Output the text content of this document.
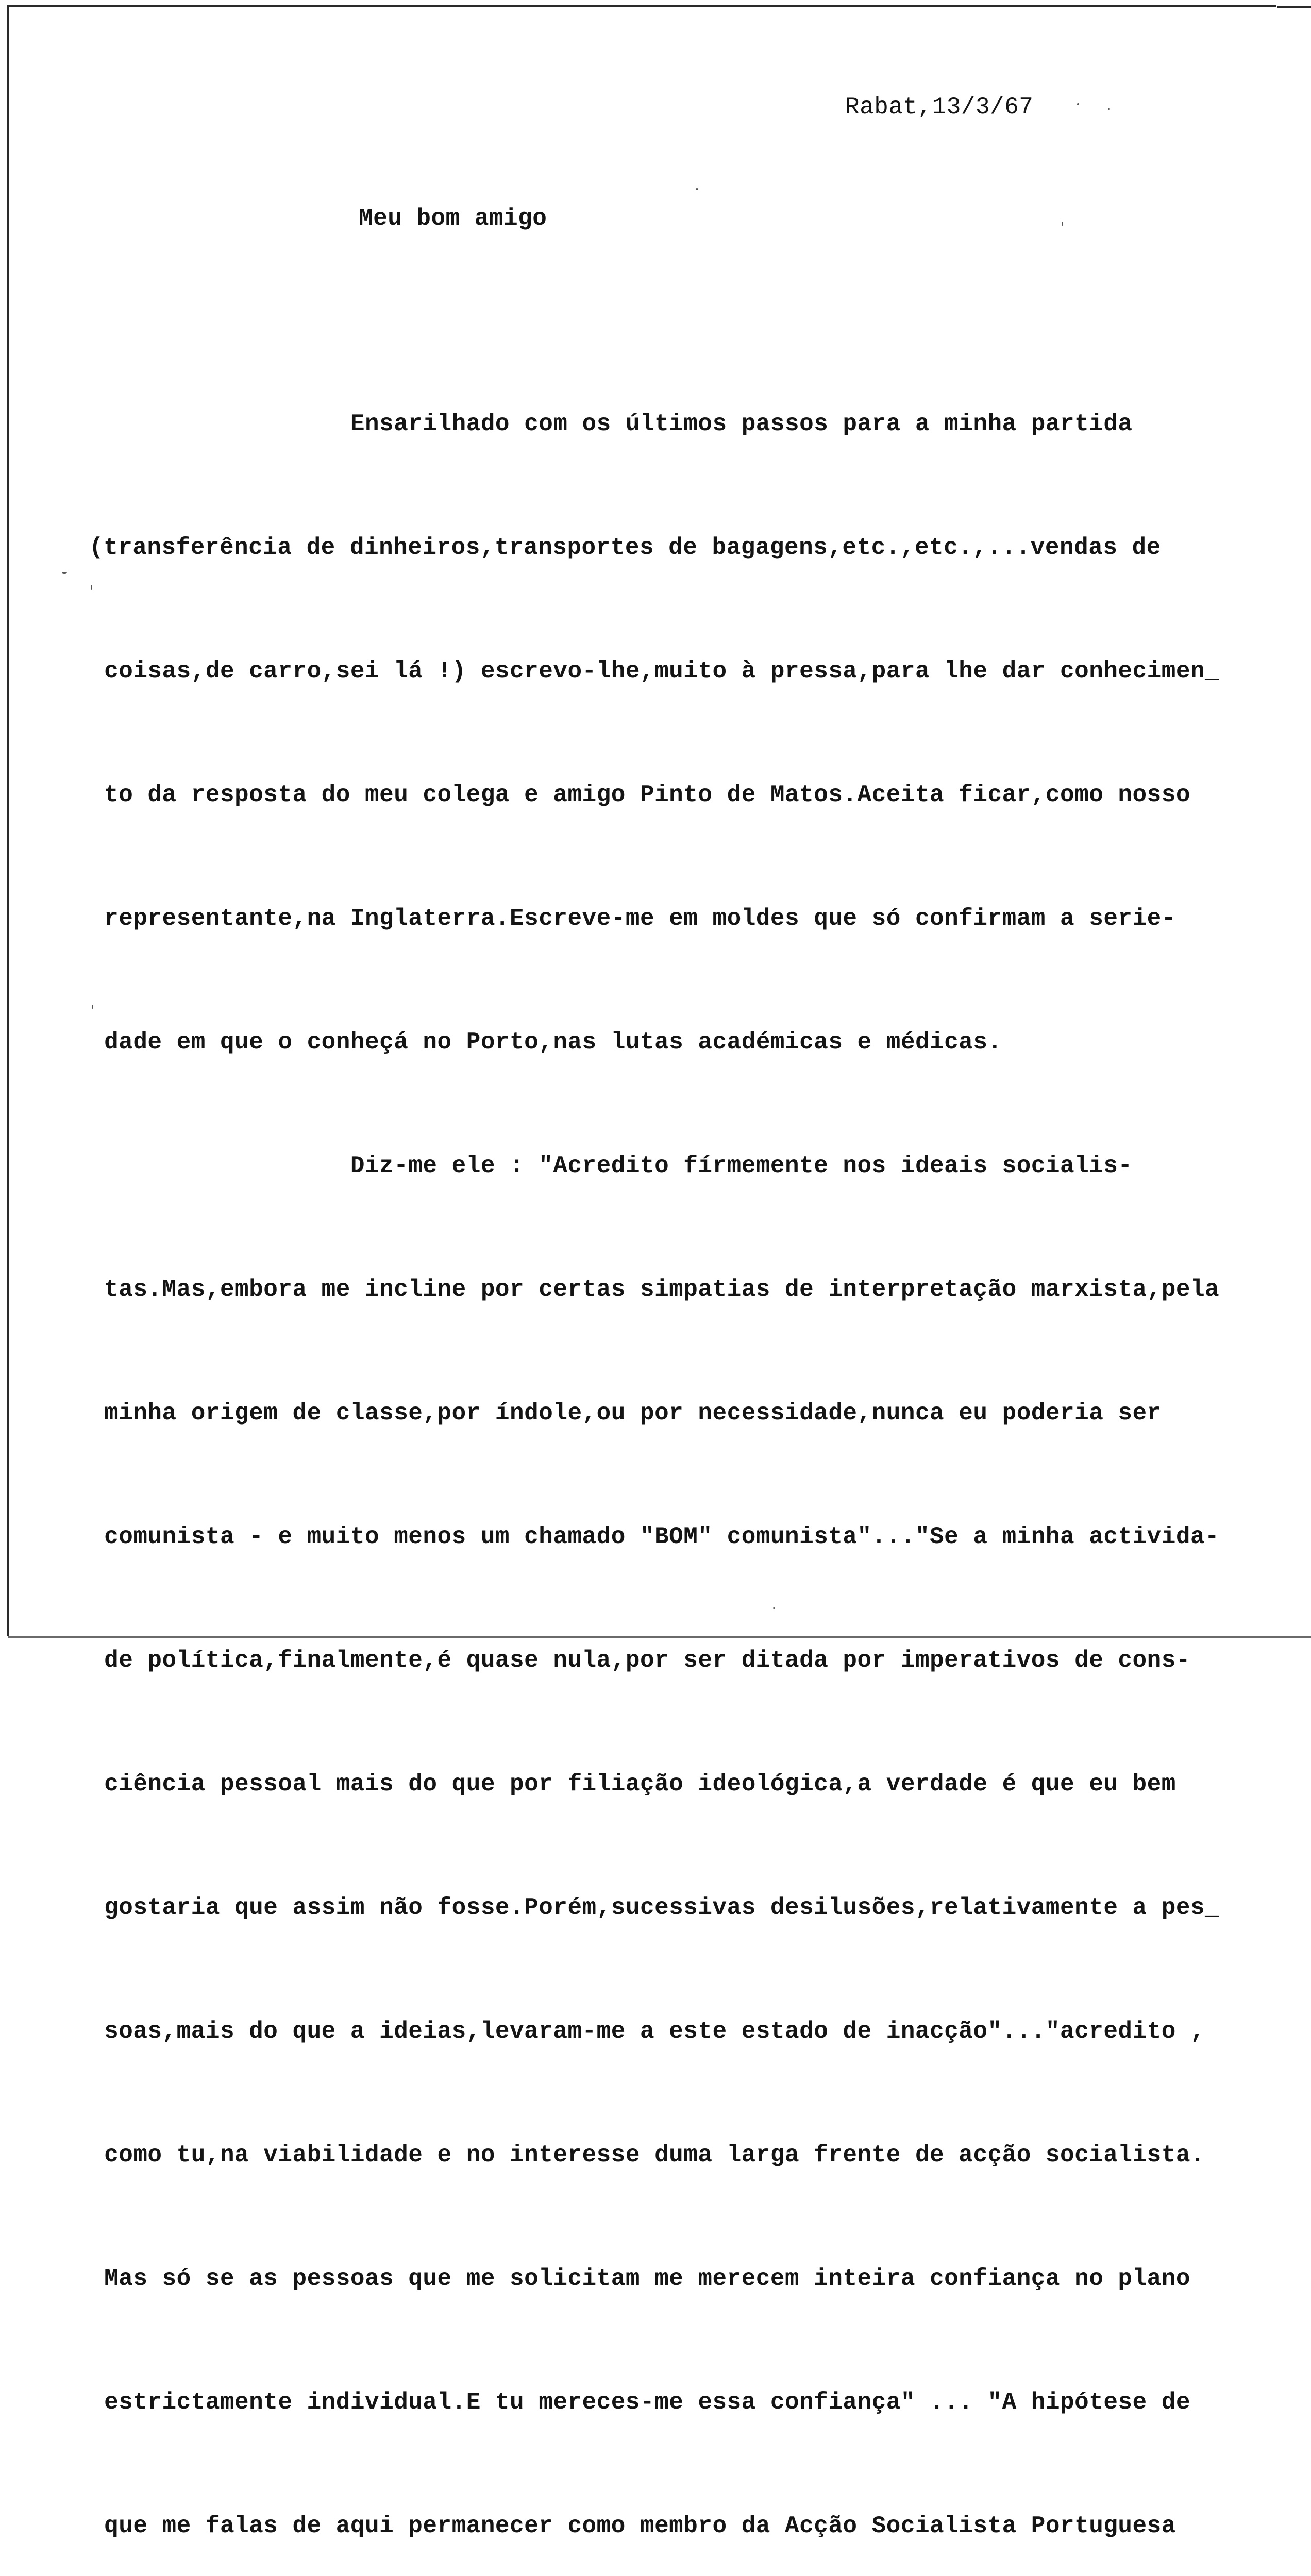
Rabat,13/3/67
Meu bom amigo

Ensarilhado com os últimos passos para a minha partida

(transferência de dinheiros,transportes de bagagens,etc.,etc.,...vendas de

coisas,de carro,sei lá !) escrevo-lhe,muito à pressa,para lhe dar conhecimen_

to da resposta do meu colega e amigo Pinto de Matos.Aceita ficar,como nosso

representante,na Inglaterra.Escreve-me em moldes que só confirmam a serie-

dade em que o conheçá no Porto,nas lutas académicas e médicas.

Diz-me ele : "Acredito fírmemente nos ideais socialis-

tas.Mas,embora me incline por certas simpatias de interpretação marxista,pela

minha origem de classe,por índole,ou por necessidade,nunca eu poderia ser

comunista - e muito menos um chamado "BOM" comunista"..."Se a minha activida-

de política,finalmente,é quase nula,por ser ditada por imperativos de cons-

ciência pessoal mais do que por filiação ideológica,a verdade é que eu bem

gostaria que assim não fosse.Porém,sucessivas desilusões,relativamente a pes_

soas,mais do que a ideias,levaram-me a este estado de inacção"..."acredito ,

como tu,na viabilidade e no interesse duma larga frente de acção socialista.

Mas só se as pessoas que me solicitam me merecem inteira confiança no plano

estrictamente individual.E tu mereces-me essa confiança" ... "A hipótese de

que me falas de aqui permanecer como membro da Acção Socialista Portuguesa
